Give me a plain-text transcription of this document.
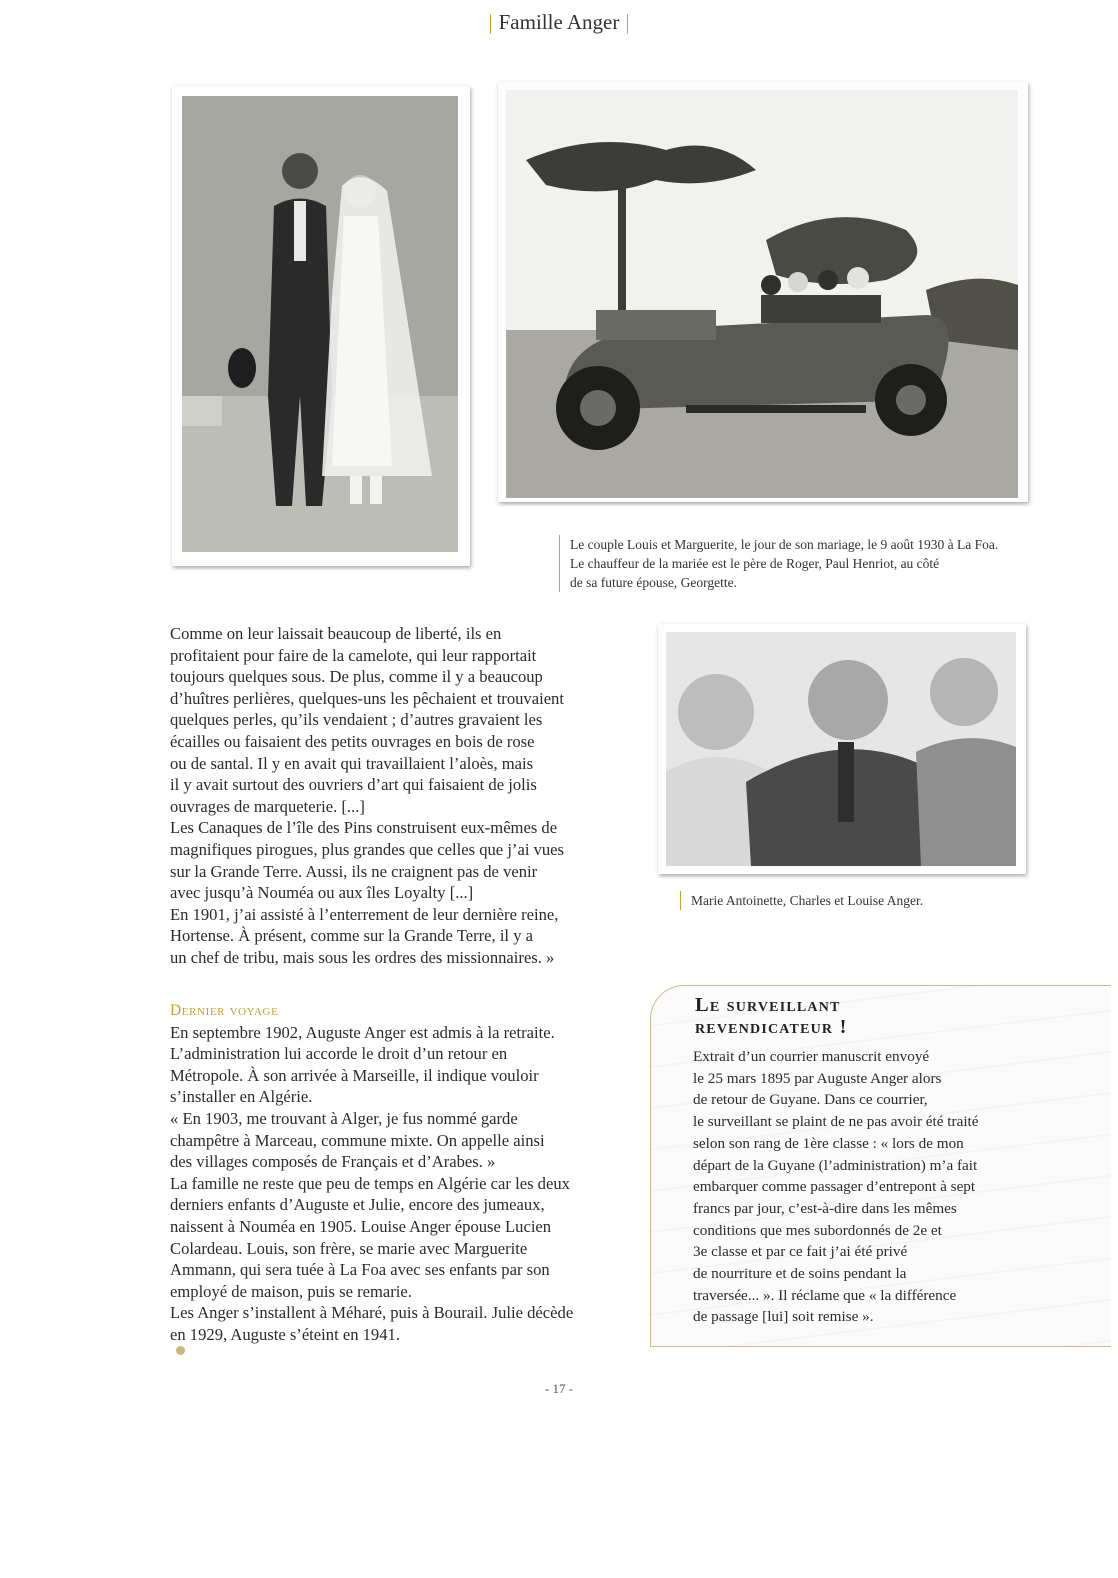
| Famille Anger |
Le couple Louis et Marguerite, le jour de son mariage, le 9 août 1930 à La Foa.
Le chauffeur de la mariée est le père de Roger, Paul Henriot, au côté
de sa future épouse, Georgette.
Marie Antoinette, Charles et Louise Anger.
Comme on leur laissait beaucoup de liberté, ils en
profitaient pour faire de la camelote, qui leur rapportait
toujours quelques sous. De plus, comme il y a beaucoup
d’huîtres perlières, quelques-uns les pêchaient et trouvaient
quelques perles, qu’ils vendaient ; d’autres gravaient les
écailles ou faisaient des petits ouvrages en bois de rose
ou de santal. Il y en avait qui travaillaient l’aloès, mais
il y avait surtout des ouvriers d’art qui faisaient de jolis
ouvrages de marqueterie. [...]
Les Canaques de l’île des Pins construisent eux-mêmes de
magnifiques pirogues, plus grandes que celles que j’ai vues
sur la Grande Terre. Aussi, ils ne craignent pas de venir
avec jusqu’à Nouméa ou aux îles Loyalty [...]
En 1901, j’ai assisté à l’enterrement de leur dernière reine,
Hortense. À présent, comme sur la Grande Terre, il y a
un chef de tribu, mais sous les ordres des missionnaires. »
Dernier voyage
En septembre 1902, Auguste Anger est admis à la retraite.
L’administration lui accorde le droit d’un retour en
Métropole. À son arrivée à Marseille, il indique vouloir
s’installer en Algérie.
« En 1903, me trouvant à Alger, je fus nommé garde
champêtre à Marceau, commune mixte. On appelle ainsi
des villages composés de Français et d’Arabes. »
La famille ne reste que peu de temps en Algérie car les deux
derniers enfants d’Auguste et Julie, encore des jumeaux,
naissent à Nouméa en 1905. Louise Anger épouse Lucien
Colardeau. Louis, son frère, se marie avec Marguerite
Ammann, qui sera tuée à La Foa avec ses enfants par son
employé de maison, puis se remarie.
Les Anger s’installent à Méharé, puis à Bourail. Julie décède
en 1929, Auguste s’éteint en 1941.
Le surveillant
revendicateur !
Extrait d’un courrier manuscrit envoyé
le 25 mars 1895 par Auguste Anger alors
de retour de Guyane. Dans ce courrier,
le surveillant se plaint de ne pas avoir été traité
selon son rang de 1ère classe : « lors de mon
départ de la Guyane (l’administration) m’a fait
embarquer comme passager d’entrepont à sept
francs par jour, c’est-à-dire dans les mêmes
conditions que mes subordonnés de 2e et
3e classe et par ce fait j’ai été privé
de nourriture et de soins pendant la
traversée... ». Il réclame que « la différence
de passage [lui] soit remise ».
- 17 -
